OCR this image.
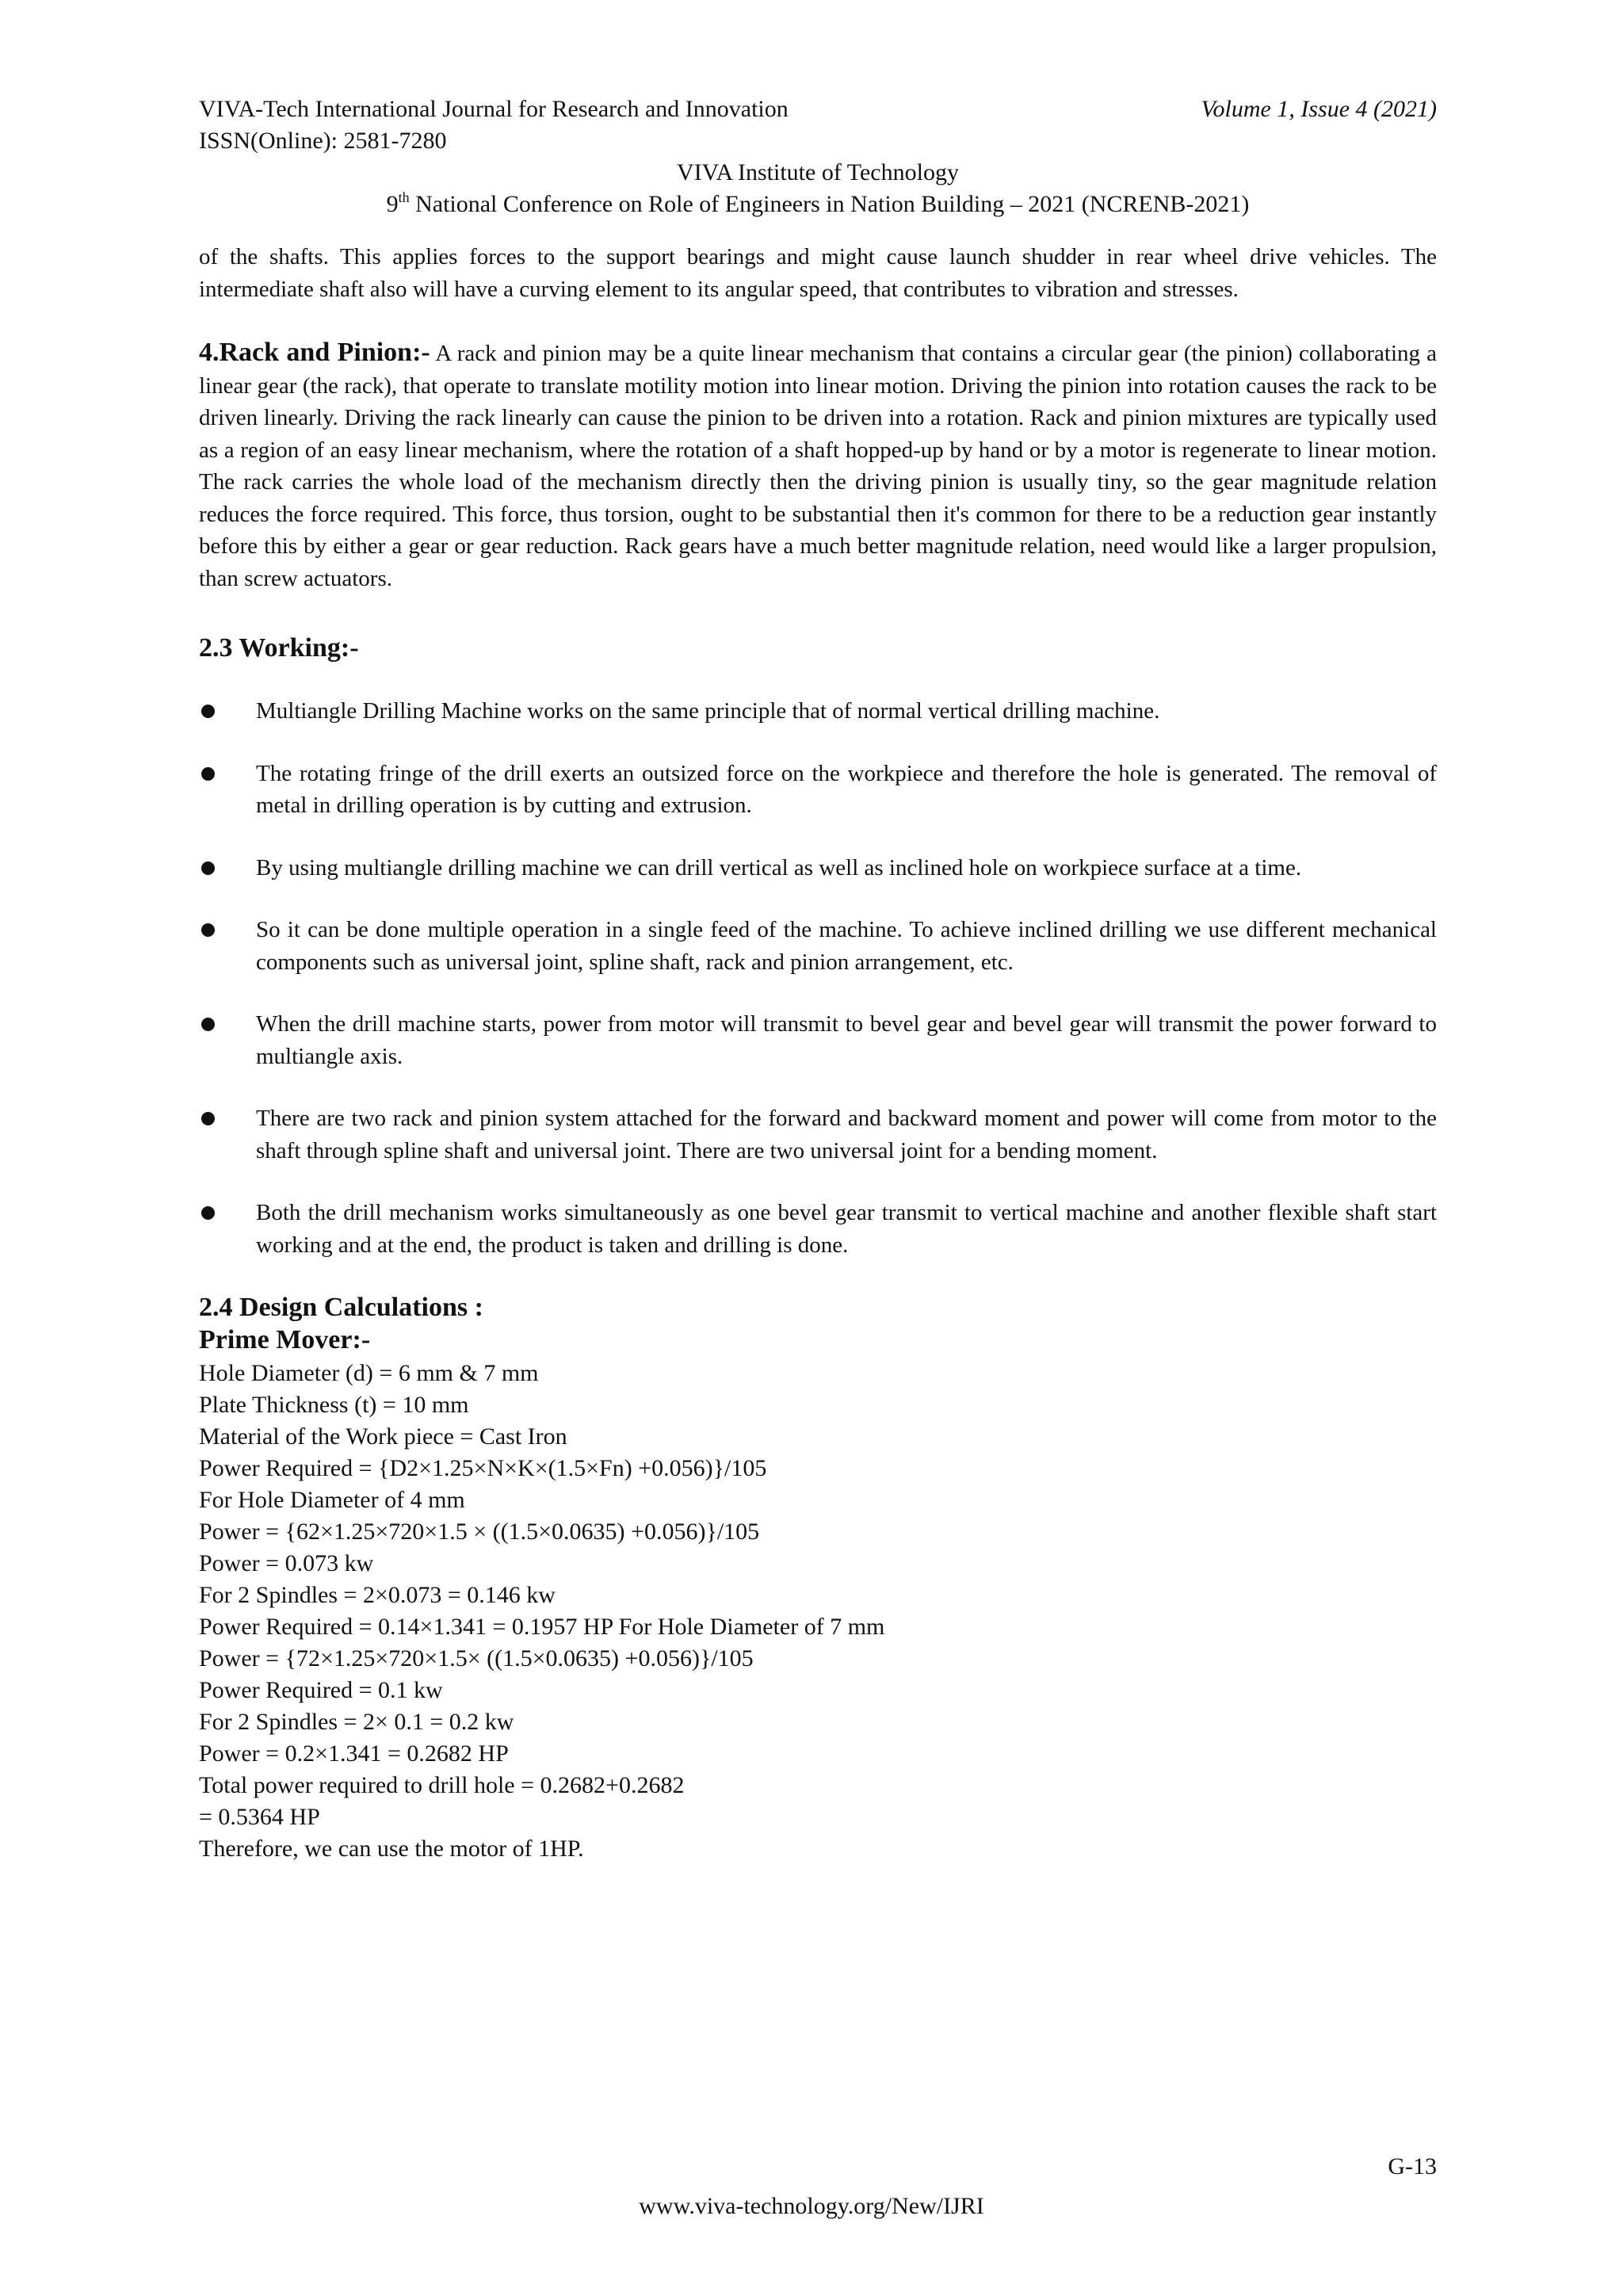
VIVA-Tech International Journal for Research and Innovation	Volume 1, Issue 4 (2021)
ISSN(Online): 2581-7280
VIVA Institute of Technology
9th National Conference on Role of Engineers in Nation Building – 2021 (NCRENB-2021)

of the shafts. This applies forces to the support bearings and might cause launch shudder in rear wheel drive vehicles. The intermediate shaft also will have a curving element to its angular speed, that contributes to vibration and stresses.

4.Rack and Pinion:- A rack and pinion may be a quite linear mechanism that contains a circular gear (the pinion) collaborating a linear gear (the rack), that operate to translate motility motion into linear motion. Driving the pinion into rotation causes the rack to be driven linearly. Driving the rack linearly can cause the pinion to be driven into a rotation. Rack and pinion mixtures are typically used as a region of an easy linear mechanism, where the rotation of a shaft hopped-up by hand or by a motor is regenerate to linear motion. The rack carries the whole load of the mechanism directly then the driving pinion is usually tiny, so the gear magnitude relation reduces the force required. This force, thus torsion, ought to be substantial then it's common for there to be a reduction gear instantly before this by either a gear or gear reduction. Rack gears have a much better magnitude relation, need would like a larger propulsion, than screw actuators.

2.3 Working:-
Multiangle Drilling Machine works on the same principle that of normal vertical drilling machine.
The rotating fringe of the drill exerts an outsized force on the workpiece and therefore the hole is generated. The removal of metal in drilling operation is by cutting and extrusion.
By using multiangle drilling machine we can drill vertical as well as inclined hole on workpiece surface at a time.
So it can be done multiple operation in a single feed of the machine. To achieve inclined drilling we use different mechanical components such as universal joint, spline shaft, rack and pinion arrangement, etc.
When the drill machine starts, power from motor will transmit to bevel gear and bevel gear will transmit the power forward to multiangle axis.
There are two rack and pinion system attached for the forward and backward moment and power will come from motor to the shaft through spline shaft and universal joint. There are two universal joint for a bending moment.
Both the drill mechanism works simultaneously as one bevel gear transmit to vertical machine and another flexible shaft start working and at the end, the product is taken and drilling is done.
2.4 Design Calculations :
Prime Mover:-
Hole Diameter (d) = 6 mm & 7 mm
Plate Thickness (t) = 10 mm
Material of the Work piece = Cast Iron
Power Required = {D2×1.25×N×K×(1.5×Fn) +0.056)}/105
For Hole Diameter of 4 mm
Power = {62×1.25×720×1.5 × ((1.5×0.0635) +0.056)}/105
Power = 0.073 kw
For 2 Spindles = 2×0.073 = 0.146 kw
Power Required = 0.14×1.341 = 0.1957 HP For Hole Diameter of 7 mm
Power = {72×1.25×720×1.5× ((1.5×0.0635) +0.056)}/105
Power Required = 0.1 kw
For 2 Spindles = 2× 0.1 = 0.2 kw
Power = 0.2×1.341 = 0.2682 HP
Total power required to drill hole = 0.2682+0.2682
= 0.5364 HP
Therefore, we can use the motor of 1HP.
G-13
www.viva-technology.org/New/IJRI
